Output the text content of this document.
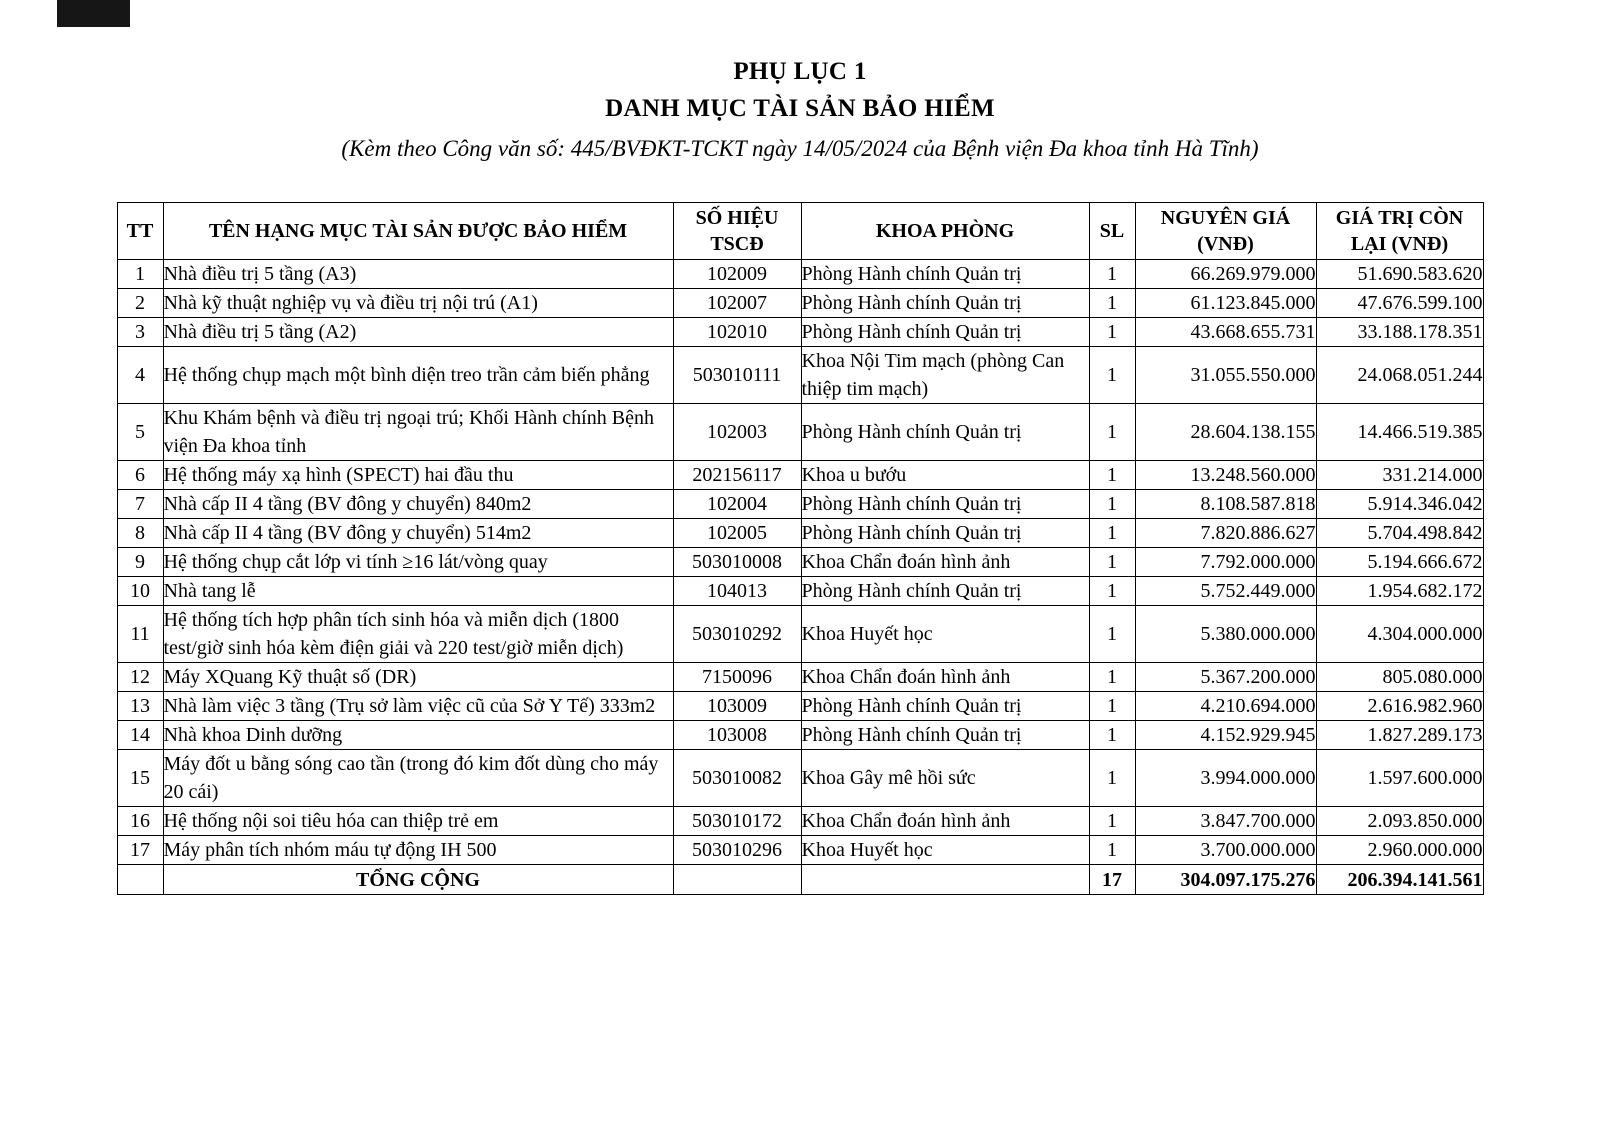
PHỤ LỤC 1
DANH MỤC TÀI SẢN BẢO HIỂM
(Kèm theo Công văn số: 445/BVĐKT-TCKT ngày 14/05/2024 của Bệnh viện Đa khoa tỉnh Hà Tĩnh)
TT	TÊN HẠNG MỤC TÀI SẢN ĐƯỢC BẢO HIỂM	SỐ HIỆU TSCĐ	KHOA PHÒNG	SL	NGUYÊN GIÁ (VNĐ)	GIÁ TRỊ CÒN LẠI (VNĐ)
1	Nhà điều trị 5 tầng (A3)	102009	Phòng Hành chính Quản trị	1	66.269.979.000	51.690.583.620
2	Nhà kỹ thuật nghiệp vụ và điều trị nội trú (A1)	102007	Phòng Hành chính Quản trị	1	61.123.845.000	47.676.599.100
3	Nhà điều trị 5 tầng (A2)	102010	Phòng Hành chính Quản trị	1	43.668.655.731	33.188.178.351
4	Hệ thống chụp mạch một bình diện treo trần cảm biến phẳng	503010111	Khoa Nội Tim mạch (phòng Can thiệp tim mạch)	1	31.055.550.000	24.068.051.244
5	Khu Khám bệnh và điều trị ngoại trú; Khối Hành chính Bệnh viện Đa khoa tỉnh	102003	Phòng Hành chính Quản trị	1	28.604.138.155	14.466.519.385
6	Hệ thống máy xạ hình (SPECT) hai đầu thu	202156117	Khoa u bướu	1	13.248.560.000	331.214.000
7	Nhà cấp II 4 tầng (BV đông y chuyển) 840m2	102004	Phòng Hành chính Quản trị	1	8.108.587.818	5.914.346.042
8	Nhà cấp II 4 tầng (BV đông y chuyển) 514m2	102005	Phòng Hành chính Quản trị	1	7.820.886.627	5.704.498.842
9	Hệ thống chụp cắt lớp vi tính ≥16 lát/vòng quay	503010008	Khoa Chẩn đoán hình ảnh	1	7.792.000.000	5.194.666.672
10	Nhà tang lễ	104013	Phòng Hành chính Quản trị	1	5.752.449.000	1.954.682.172
11	Hệ thống tích hợp phân tích sinh hóa và miễn dịch (1800 test/giờ sinh hóa kèm điện giải và 220 test/giờ miễn dịch)	503010292	Khoa Huyết học	1	5.380.000.000	4.304.000.000
12	Máy XQuang Kỹ thuật số (DR)	7150096	Khoa Chẩn đoán hình ảnh	1	5.367.200.000	805.080.000
13	Nhà làm việc 3 tầng (Trụ sở làm việc cũ của Sở Y Tế) 333m2	103009	Phòng Hành chính Quản trị	1	4.210.694.000	2.616.982.960
14	Nhà khoa Dinh dưỡng	103008	Phòng Hành chính Quản trị	1	4.152.929.945	1.827.289.173
15	Máy đốt u bằng sóng cao tần (trong đó kim đốt dùng cho máy 20 cái)	503010082	Khoa Gây mê hồi sức	1	3.994.000.000	1.597.600.000
16	Hệ thống nội soi tiêu hóa can thiệp trẻ em	503010172	Khoa Chẩn đoán hình ảnh	1	3.847.700.000	2.093.850.000
17	Máy phân tích nhóm máu tự động IH 500	503010296	Khoa Huyết học	1	3.700.000.000	2.960.000.000
	TỔNG CỘNG			17	304.097.175.276	206.394.141.561
